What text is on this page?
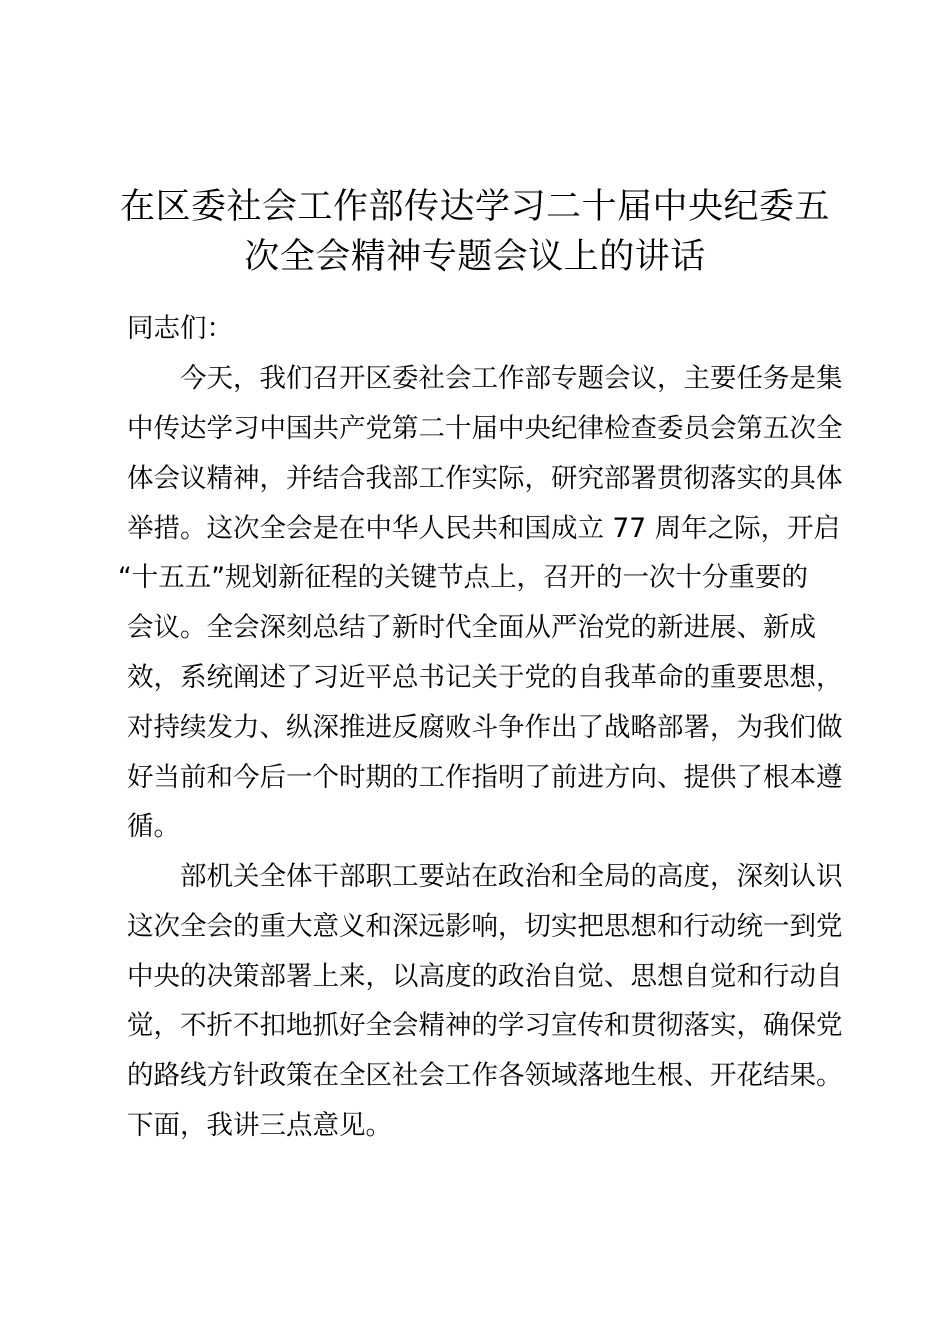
在区委社会工作部传达学习二十届中央纪委五
次全会精神专题会议上的讲话
同志们：
　　今天，我们召开区委社会工作部专题会议，主要任务是集
中传达学习中国共产党第二十届中央纪律检查委员会第五次全
体会议精神，并结合我部工作实际，研究部署贯彻落实的具体
举措。这次全会是在中华人民共和国成立 77 周年之际，开启
“十五五”规划新征程的关键节点上，召开的一次十分重要的
会议。全会深刻总结了新时代全面从严治党的新进展、新成
效，系统阐述了习近平总书记关于党的自我革命的重要思想，
对持续发力、纵深推进反腐败斗争作出了战略部署，为我们做
好当前和今后一个时期的工作指明了前进方向、提供了根本遵
循。
　　部机关全体干部职工要站在政治和全局的高度，深刻认识
这次全会的重大意义和深远影响，切实把思想和行动统一到党
中央的决策部署上来，以高度的政治自觉、思想自觉和行动自
觉，不折不扣地抓好全会精神的学习宣传和贯彻落实，确保党
的路线方针政策在全区社会工作各领域落地生根、开花结果。
下面，我讲三点意见。
